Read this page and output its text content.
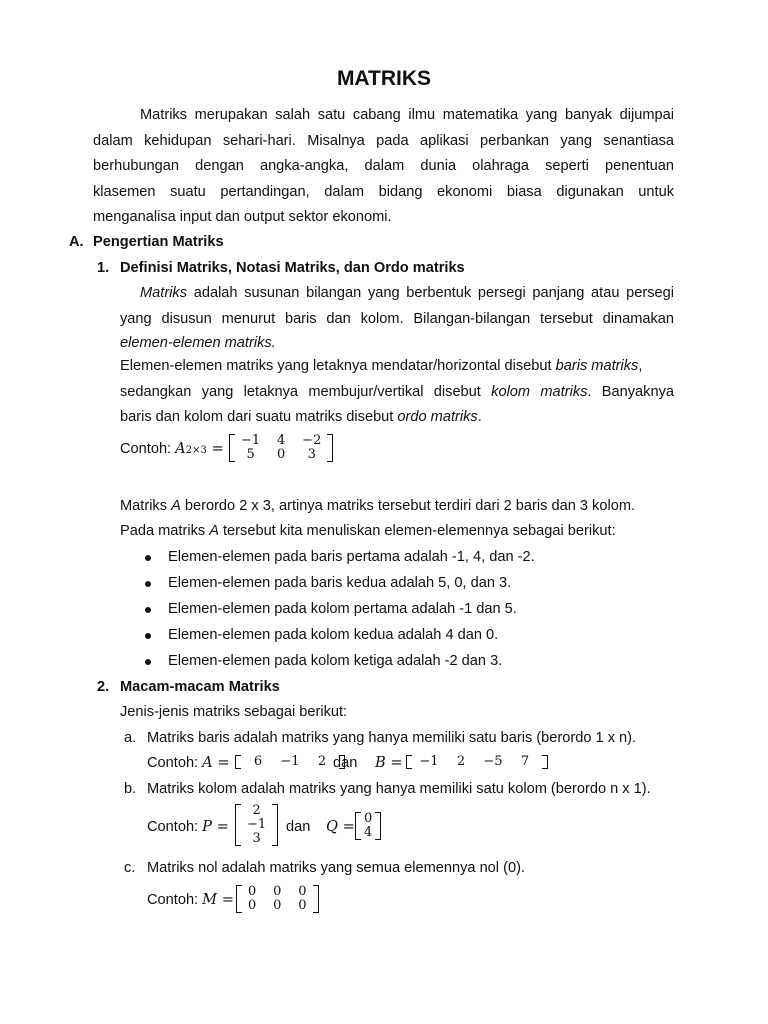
MATRIKS
Matriks merupakan salah satu cabang ilmu matematika yang banyak dijumpai
dalam kehidupan sehari-hari. Misalnya pada aplikasi perbankan yang senantiasa
berhubungan dengan angka-angka, dalam dunia olahraga seperti penentuan
klasemen suatu pertandingan, dalam bidang ekonomi biasa digunakan untuk
menganalisa input dan output sektor ekonomi.
A. Pengertian Matriks
1. Definisi Matriks, Notasi Matriks, dan Ordo matriks
Matriks adalah susunan bilangan yang berbentuk persegi panjang atau persegi
yang disusun menurut baris dan kolom. Bilangan-bilangan tersebut dinamakan
elemen-elemen matriks.
Elemen-elemen matriks yang letaknya mendatar/horizontal disebut baris matriks,
sedangkan yang letaknya membujur/vertikal disebut kolom matriks. Banyaknya
baris dan kolom dari suatu matriks disebut ordo matriks.
Contoh: A2×3 = −1	4	−2
5	0	3
Matriks A berordo 2 x 3, artinya matriks tersebut terdiri dari 2 baris dan 3 kolom.
Pada matriks A tersebut kita menuliskan elemen-elemennya sebagai berikut:
Elemen-elemen pada baris pertama adalah -1, 4, dan -2.
Elemen-elemen pada baris kedua adalah 5, 0, dan 3.
Elemen-elemen pada kolom pertama adalah -1 dan 5.
Elemen-elemen pada kolom kedua adalah 4 dan 0.
Elemen-elemen pada kolom ketiga adalah -2 dan 3.
2. Macam-macam Matriks
Jenis-jenis matriks sebagai berikut:
a. Matriks baris adalah matriks yang hanya memiliki satu baris (berordo 1 x n).
Contoh: A = 6	−1	2 dan B = −1	2	−5	7
b. Matriks kolom adalah matriks yang hanya memiliki satu kolom (berordo n x 1).
Contoh: P =
2
−1
3
dan Q = 0
4
c. Matriks nol adalah matriks yang semua elemennya nol (0).
Contoh: M = 0	0	0
0	0	0
